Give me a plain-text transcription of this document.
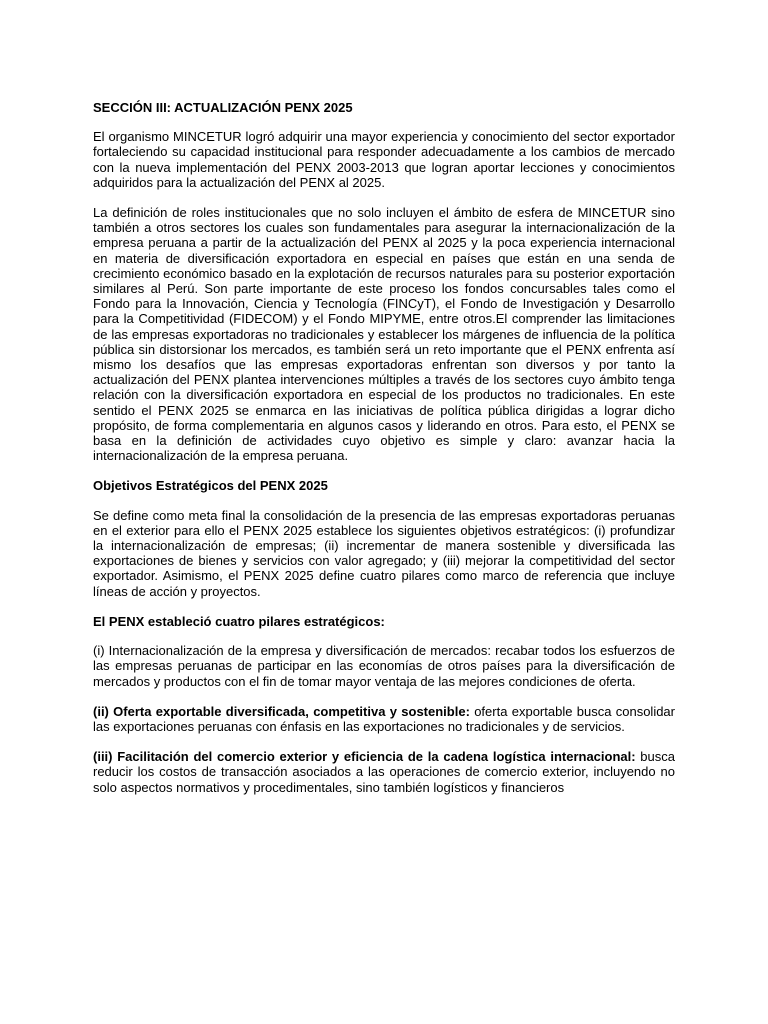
SECCIÓN III: ACTUALIZACIÓN PENX 2025

El organismo MINCETUR logró adquirir una mayor experiencia y conocimiento del sector exportador fortaleciendo su capacidad institucional para responder adecuadamente a los cambios de mercado con la nueva implementación del PENX 2003-2013 que logran aportar lecciones y conocimientos adquiridos para la actualización del PENX al 2025.

La definición de roles institucionales que no solo incluyen el ámbito de esfera de MINCETUR sino también a otros sectores los cuales son fundamentales para asegurar la internacionalización de la empresa peruana a partir de la actualización del PENX al 2025 y la poca experiencia internacional en materia de diversificación exportadora en especial en países que están en una senda de crecimiento económico basado en la explotación de recursos naturales para su posterior exportación similares al Perú. Son parte importante de este proceso los fondos concursables tales como el Fondo para la Innovación, Ciencia y Tecnología (FINCyT), el Fondo de Investigación y Desarrollo para la Competitividad (FIDECOM) y el Fondo MIPYME, entre otros.El comprender las limitaciones de las empresas exportadoras no tradicionales y establecer los márgenes de influencia de la política pública sin distorsionar los mercados, es también será un reto importante que el PENX enfrenta así mismo los desafíos que las empresas exportadoras enfrentan son diversos y por tanto la actualización del PENX plantea intervenciones múltiples a través de los sectores cuyo ámbito tenga relación con la diversificación exportadora en especial de los productos no tradicionales. En este sentido el PENX 2025 se enmarca en las iniciativas de política pública dirigidas a lograr dicho propósito, de forma complementaria en algunos casos y liderando en otros. Para esto, el PENX se basa en la definición de actividades cuyo objetivo es simple y claro: avanzar hacia la internacionalización de la empresa peruana.

Objetivos Estratégicos del PENX 2025

Se define como meta final la consolidación de la presencia de las empresas exportadoras peruanas en el exterior para ello el PENX 2025 establece los siguientes objetivos estratégicos: (i) profundizar la internacionalización de empresas; (ii) incrementar de manera sostenible y diversificada las exportaciones de bienes y servicios con valor agregado; y (iii) mejorar la competitividad del sector exportador. Asimismo, el PENX 2025 define cuatro pilares como marco de referencia que incluye líneas de acción y proyectos.

El PENX estableció cuatro pilares estratégicos:

(i) Internacionalización de la empresa y diversificación de mercados: recabar todos los esfuerzos de las empresas peruanas de participar en las economías de otros países para la diversificación de mercados y productos con el fin de tomar mayor ventaja de las mejores condiciones de oferta.

(ii) Oferta exportable diversificada, competitiva y sostenible: oferta exportable busca consolidar las exportaciones peruanas con énfasis en las exportaciones no tradicionales y de servicios.

(iii) Facilitación del comercio exterior y eficiencia de la cadena logística internacional: busca reducir los costos de transacción asociados a las operaciones de comercio exterior, incluyendo no solo aspectos normativos y procedimentales, sino también logísticos y financieros
